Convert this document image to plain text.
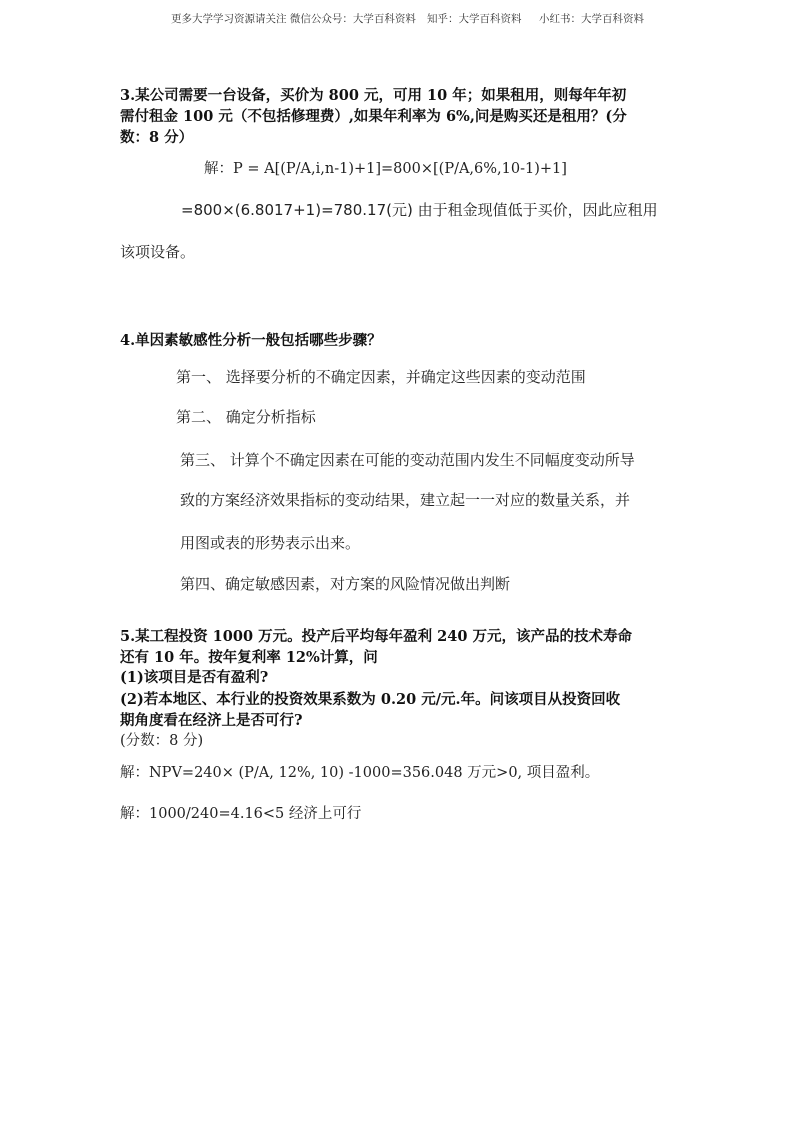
更多大学学习资源请关注 微信公众号：大学百科资料 知乎：大学百科资料 小红书：大学百科资料
3.某公司需要一台设备，买价为 800 元，可用 10 年；如果租用，则每年年初
需付租金 100 元（不包括修理费）,如果年利率为 6%,问是购买还是租用？(分
数：8 分）
解：P = A[(P/A,i,n-1)+1]=800×[(P/A,6%,10-1)+1]
=800×(6.8017+1)=780.17(元) 由于租金现值低于买价，因此应租用
该项设备。
4.单因素敏感性分析一般包括哪些步骤？
第一、 选择要分析的不确定因素，并确定这些因素的变动范围
第二、 确定分析指标
第三、 计算个不确定因素在可能的变动范围内发生不同幅度变动所导
致的方案经济效果指标的变动结果，建立起一一对应的数量关系，并
用图或表的形势表示出来。
第四、确定敏感因素，对方案的风险情况做出判断
5.某工程投资 1000 万元。投产后平均每年盈利 240 万元，该产品的技术寿命
还有 10 年。按年复利率 12%计算，问
(1)该项目是否有盈利?
(2)若本地区、本行业的投资效果系数为 0.20 元/元.年。问该项目从投资回收
期角度看在经济上是否可行?
(分数：8 分)
解：NPV=240× (P/A, 12%, 10) -1000=356.048 万元>0, 项目盈利。
解：1000/240=4.16<5 经济上可行
